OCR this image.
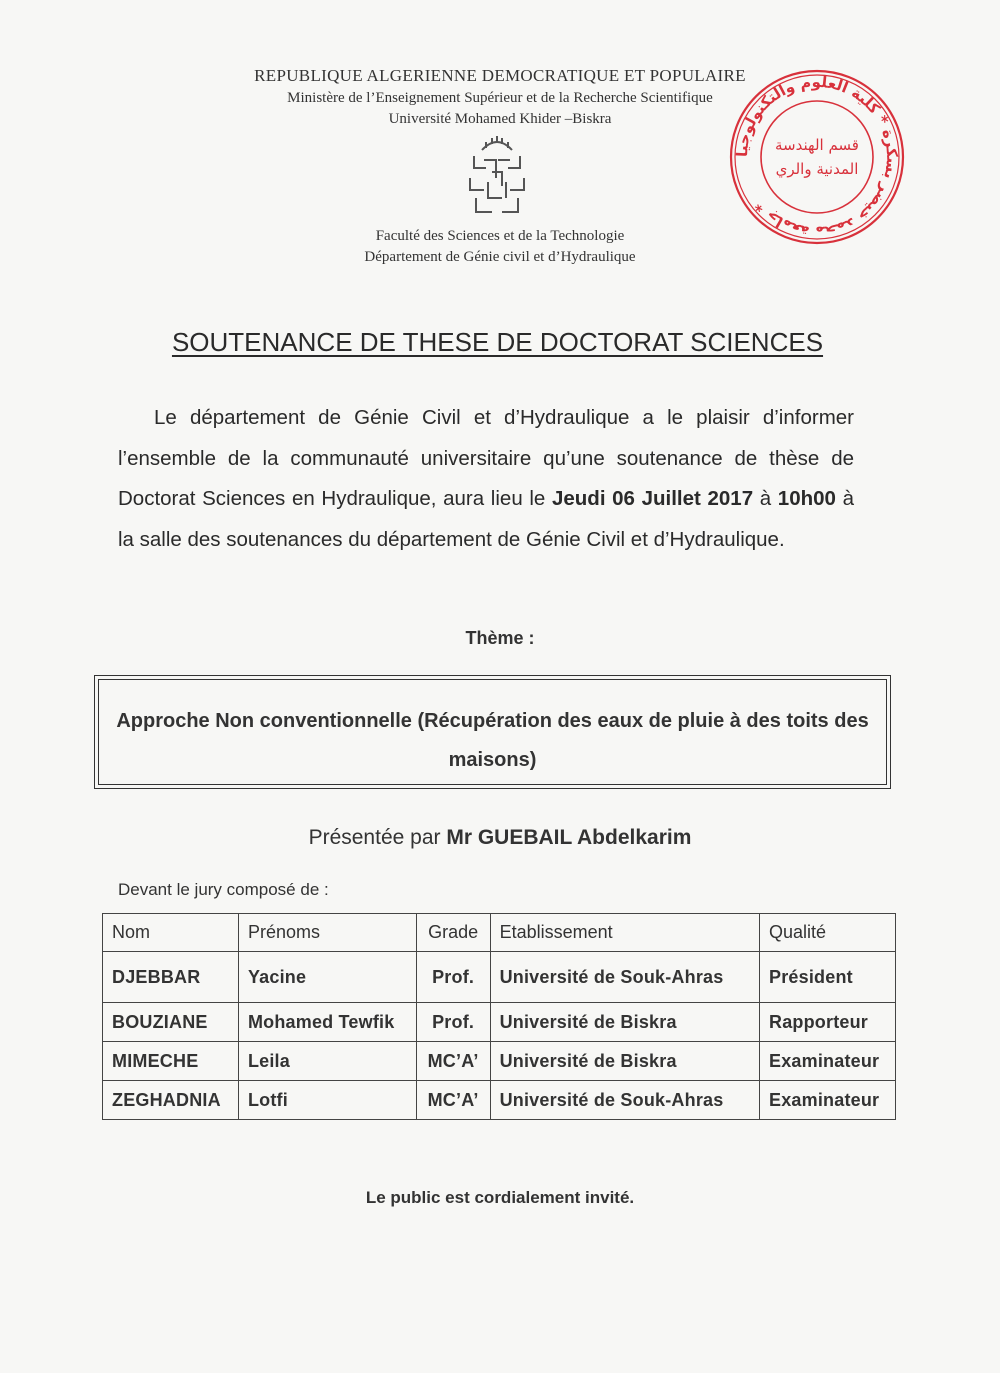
REPUBLIQUE ALGERIENNE DEMOCRATIQUE ET POPULAIRE
Ministère de l’Enseignement Supérieur et de la Recherche Scientifique
Université Mohamed Khider –Biskra
جامعة محمد خيضر بسكرة * كلية العلوم والتكنولوجيا *
قسم الهندسة
المدنية والري
Faculté des Sciences et de la Technologie
Département de Génie civil et d’Hydraulique
SOUTENANCE DE THESE DE DOCTORAT SCIENCES
Le département de Génie Civil et d’Hydraulique a le plaisir d’informer l’ensemble de la communauté universitaire qu’une soutenance de thèse de Doctorat Sciences en Hydraulique, aura lieu le Jeudi 06 Juillet 2017 à 10h00 à la salle des soutenances du département de Génie Civil et d’Hydraulique.
Thème :
Approche Non conventionnelle (Récupération des eaux de pluie à des toits des maisons)
Présentée par Mr GUEBAIL Abdelkarim
Devant le jury composé de :
Nom	Prénoms	Grade	Etablissement	Qualité
DJEBBAR	Yacine	Prof.	Université de Souk-Ahras	Président
BOUZIANE	Mohamed Tewfik	Prof.	Université de Biskra	Rapporteur
MIMECHE	Leila	MC’A’	Université de Biskra	Examinateur
ZEGHADNIA	Lotfi	MC’A’	Université de Souk-Ahras	Examinateur
Le public est cordialement invité.
